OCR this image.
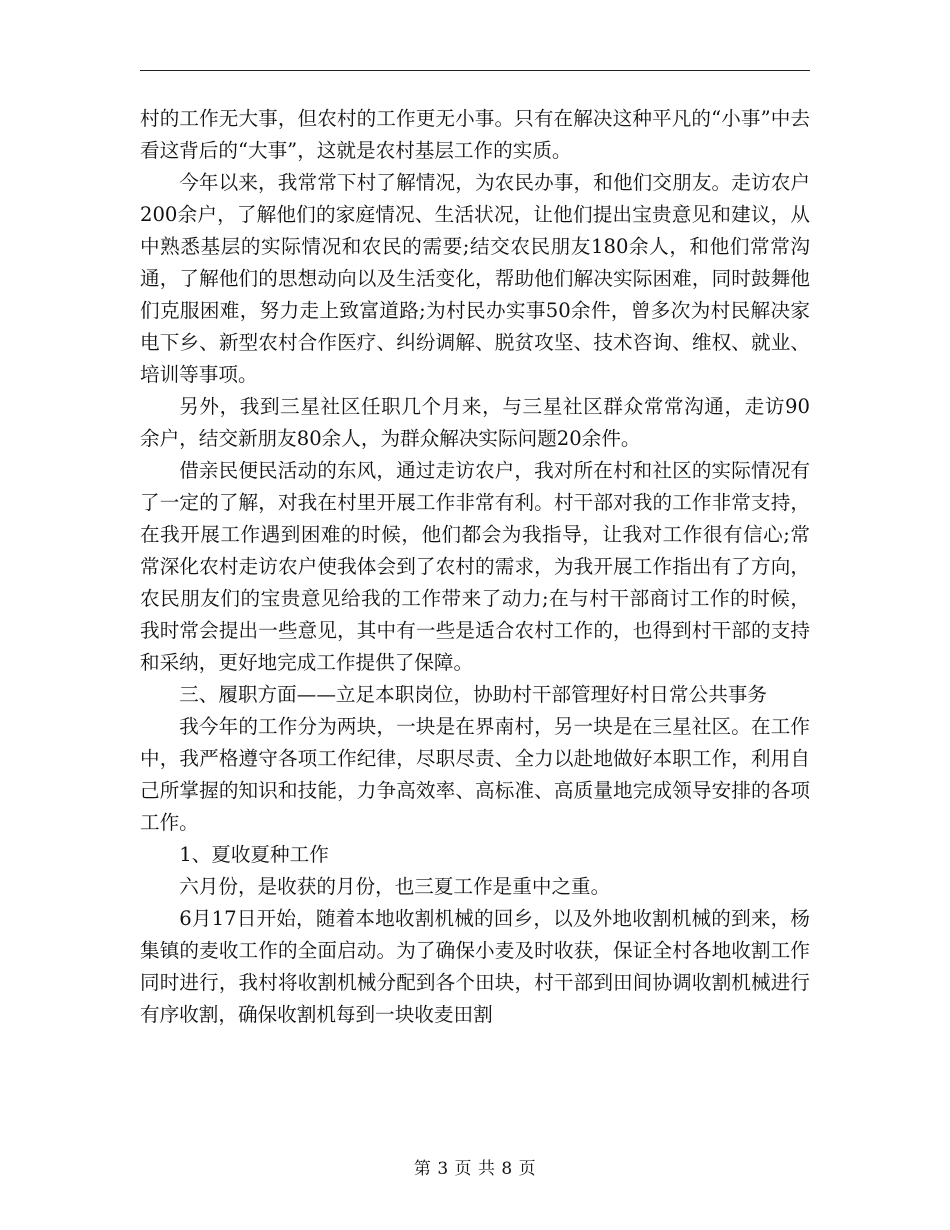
村的工作无大事，但农村的工作更无小事。只有在解决这种平凡的“小事”中去看这背后的“大事”，这就是农村基层工作的实质。

今年以来，我常常下村了解情况，为农民办事，和他们交朋友。走访农户200余户，了解他们的家庭情况、生活状况，让他们提出宝贵意见和建议，从中熟悉基层的实际情况和农民的需要;结交农民朋友180余人，和他们常常沟通，了解他们的思想动向以及生活变化，帮助他们解决实际困难，同时鼓舞他们克服困难，努力走上致富道路;为村民办实事50余件，曾多次为村民解决家电下乡、新型农村合作医疗、纠纷调解、脱贫攻坚、技术咨询、维权、就业、培训等事项。

另外，我到三星社区任职几个月来，与三星社区群众常常沟通，走访90余户，结交新朋友80余人，为群众解决实际问题20余件。

借亲民便民活动的东风，通过走访农户，我对所在村和社区的实际情况有了一定的了解，对我在村里开展工作非常有利。村干部对我的工作非常支持，在我开展工作遇到困难的时候，他们都会为我指导，让我对工作很有信心;常常深化农村走访农户使我体会到了农村的需求，为我开展工作指出有了方向，农民朋友们的宝贵意见给我的工作带来了动力;在与村干部商讨工作的时候，我时常会提出一些意见，其中有一些是适合农村工作的，也得到村干部的支持和采纳，更好地完成工作提供了保障。

三、履职方面——立足本职岗位，协助村干部管理好村日常公共事务

我今年的工作分为两块，一块是在界南村，另一块是在三星社区。在工作中，我严格遵守各项工作纪律，尽职尽责、全力以赴地做好本职工作，利用自己所掌握的知识和技能，力争高效率、高标准、高质量地完成领导安排的各项工作。

1、夏收夏种工作

六月份，是收获的月份，也三夏工作是重中之重。

6月17日开始，随着本地收割机械的回乡，以及外地收割机械的到来，杨集镇的麦收工作的全面启动。为了确保小麦及时收获，保证全村各地收割工作同时进行，我村将收割机械分配到各个田块，村干部到田间协调收割机械进行有序收割，确保收割机每到一块收麦田割

第 3 页 共 8 页
